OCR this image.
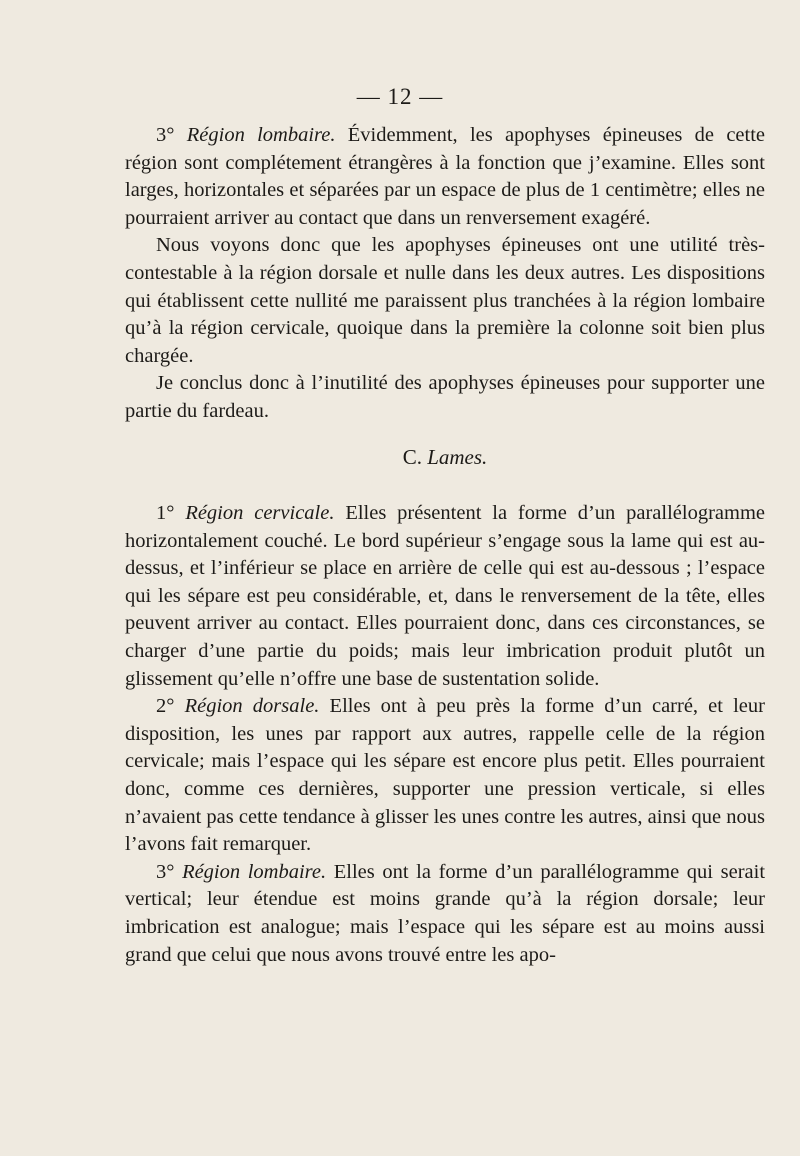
— 12 —

3° Région lombaire. Évidemment, les apophyses épineuses de cette région sont complétement étrangères à la fonction que j’examine. Elles sont larges, horizontales et séparées par un espace de plus de 1 centimètre; elles ne pourraient arriver au contact que dans un renversement exagéré.

Nous voyons donc que les apophyses épineuses ont une utilité très-contestable à la région dorsale et nulle dans les deux autres. Les dispositions qui établissent cette nullité me paraissent plus tranchées à la région lombaire qu’à la région cervicale, quoique dans la première la colonne soit bien plus chargée.

Je conclus donc à l’inutilité des apophyses épineuses pour supporter une partie du fardeau.

C. Lames.

1° Région cervicale. Elles présentent la forme d’un parallélogramme horizontalement couché. Le bord supérieur s’engage sous la lame qui est au-dessus, et l’inférieur se place en arrière de celle qui est au-dessous ; l’espace qui les sépare est peu considérable, et, dans le renversement de la tête, elles peuvent arriver au contact. Elles pourraient donc, dans ces circonstances, se charger d’une partie du poids; mais leur imbrication produit plutôt un glissement qu’elle n’offre une base de sustentation solide.

2° Région dorsale. Elles ont à peu près la forme d’un carré, et leur disposition, les unes par rapport aux autres, rappelle celle de la région cervicale; mais l’espace qui les sépare est encore plus petit. Elles pourraient donc, comme ces dernières, supporter une pression verticale, si elles n’avaient pas cette tendance à glisser les unes contre les autres, ainsi que nous l’avons fait remarquer.

3° Région lombaire. Elles ont la forme d’un parallélogramme qui serait vertical; leur étendue est moins grande qu’à la région dorsale; leur imbrication est analogue; mais l’espace qui les sépare est au moins aussi grand que celui que nous avons trouvé entre les apo-
